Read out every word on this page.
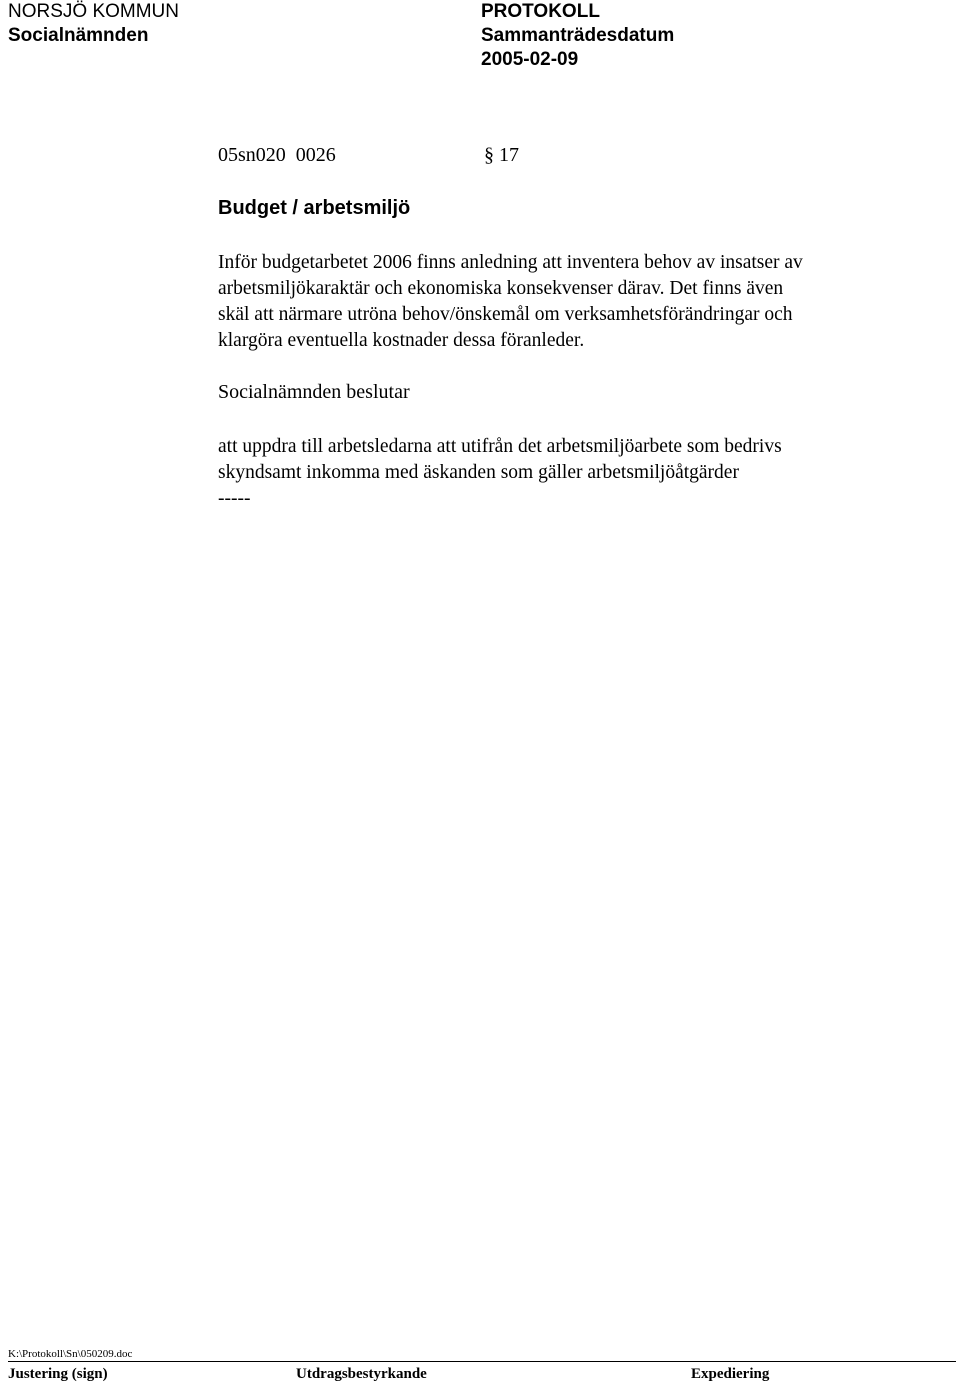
NORSJÖ KOMMUN
Socialnämnden
PROTOKOLL
Sammanträdesdatum
2005-02-09
05sn020  0026	§ 17
Budget / arbetsmiljö

Inför budgetarbetet 2006 finns anledning att inventera behov av insatser av

arbetsmiljökaraktär och ekonomiska konsekvenser därav. Det finns även

skäl att närmare utröna behov/önskemål om verksamhetsförändringar och

klargöra eventuella kostnader dessa föranleder.

Socialnämnden beslutar

att uppdra till arbetsledarna att utifrån det arbetsmiljöarbete som bedrivs

skyndsamt inkomma med äskanden som gäller arbetsmiljöåtgärder

-----

K:\Protokoll\Sn\050209.doc
Justering (sign)	Utdragsbestyrkande	Expediering
